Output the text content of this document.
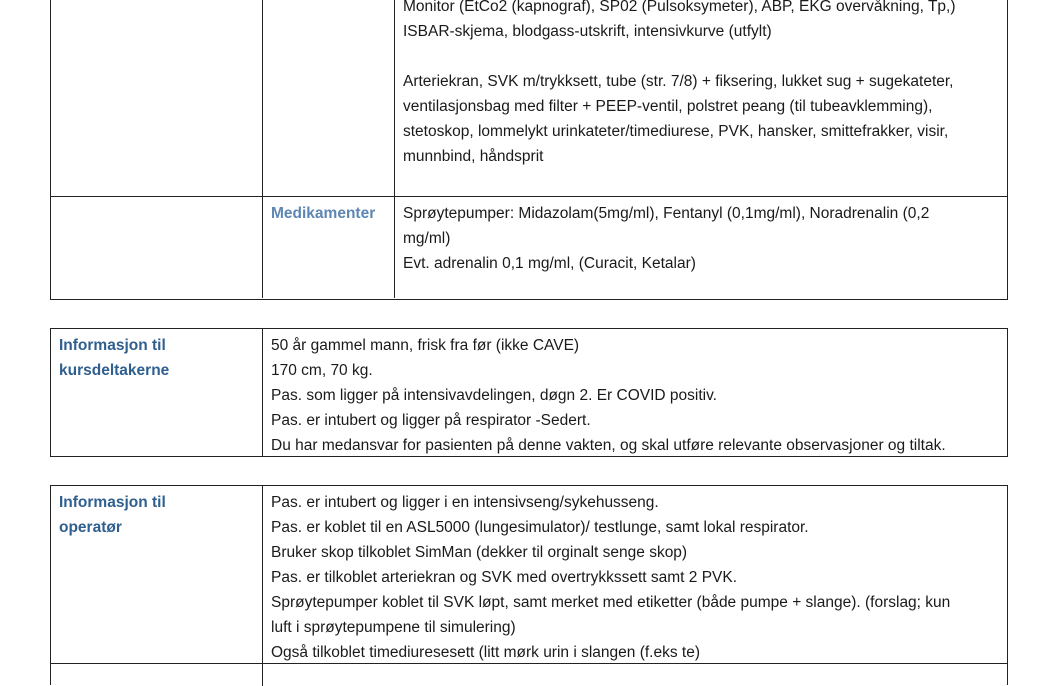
Monitor (EtCo2 (kapnograf), SP02 (Pulsoksymeter), ABP, EKG overvåkning, Tp,)
ISBAR-skjema, blodgass-utskrift, intensivkurve (utfylt)
Arteriekran, SVK m/trykksett, tube (str. 7/8) + fiksering, lukket sug + sugekateter,
ventilasjonsbag med filter + PEEP-ventil, polstret peang (til tubeavklemming),
stetoskop, lommelykt urinkateter/timediurese, PVK, hansker, smittefrakker, visir,
munnbind, håndsprit
Medikamenter	Sprøytepumper: Midazolam(5mg/ml), Fentanyl (0,1mg/ml), Noradrenalin (0,2
mg/ml)
Evt. adrenalin 0,1 mg/ml, (Curacit, Ketalar)
Informasjon til
kursdeltakerne
50 år gammel mann, frisk fra før (ikke CAVE)
170 cm, 70 kg.
Pas. som ligger på intensivavdelingen, døgn 2. Er COVID positiv.
Pas. er intubert og ligger på respirator -Sedert.
Du har medansvar for pasienten på denne vakten, og skal utføre relevante observasjoner og tiltak.
Informasjon til
operatør
Pas. er intubert og ligger i en intensivseng/sykehusseng.
Pas. er koblet til en ASL5000 (lungesimulator)/ testlunge, samt lokal respirator.
Bruker skop tilkoblet SimMan (dekker til orginalt senge skop)
Pas. er tilkoblet arteriekran og SVK med overtrykkssett samt 2 PVK.
Sprøytepumper koblet til SVK løpt, samt merket med etiketter (både pumpe + slange). (forslag; kun
luft i sprøytepumpene til simulering)
Også tilkoblet timediuresesett (litt mørk urin i slangen (f.eks te)
